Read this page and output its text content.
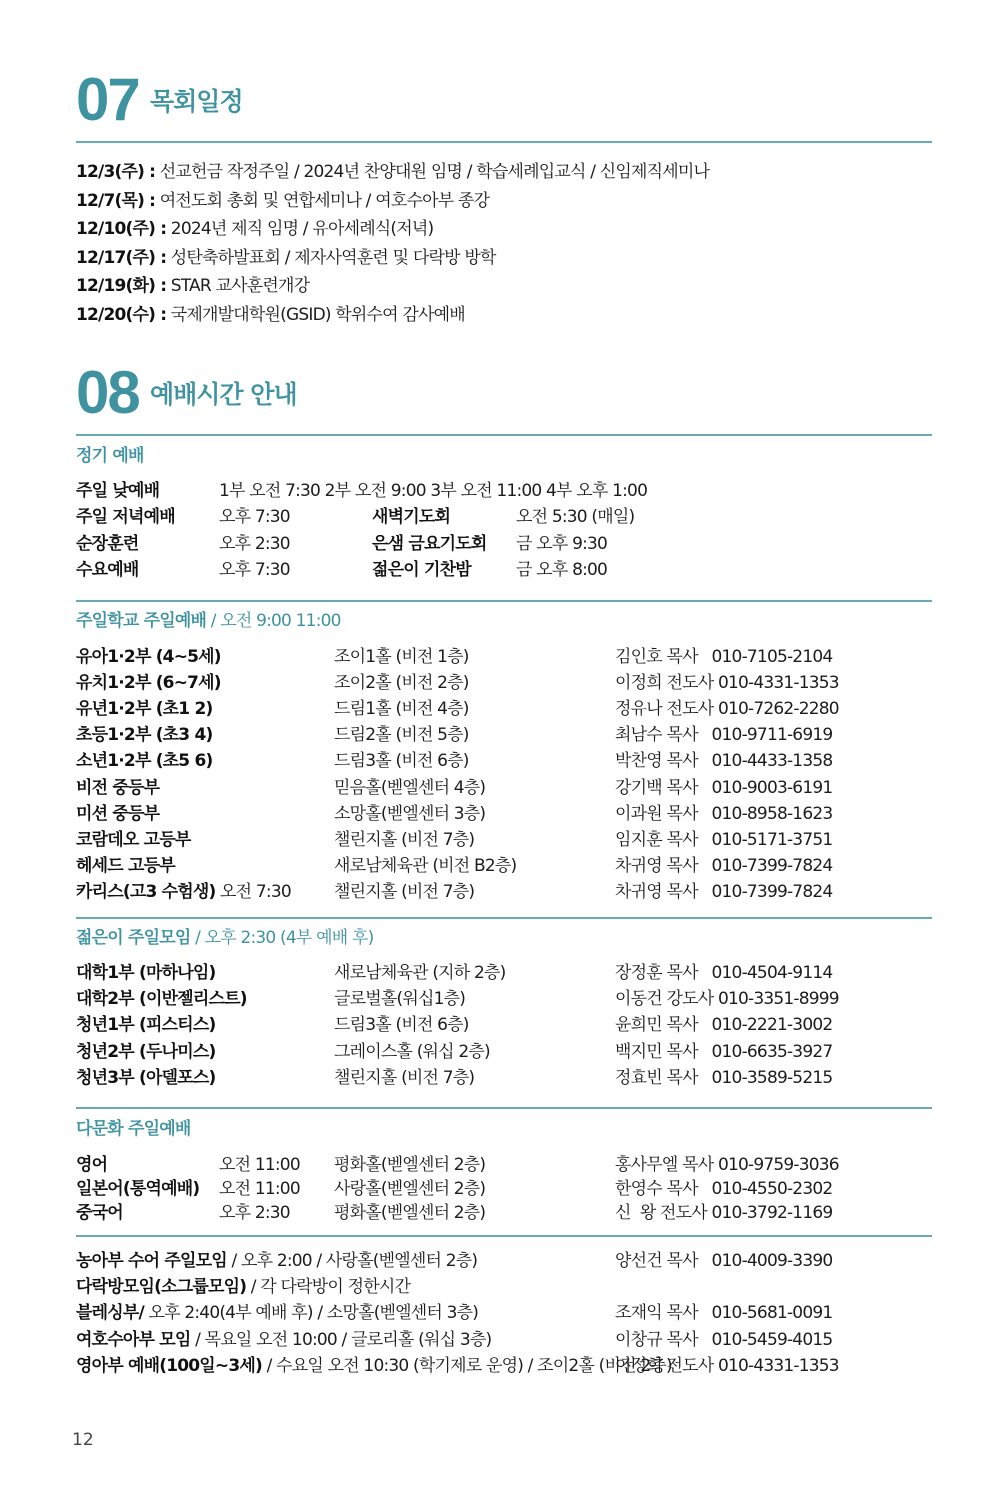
07 목회일정
12/3(주) : 선교헌금 작정주일 / 2024년 찬양대원 임명 / 학습세례입교식 / 신임제직세미나
12/7(목) : 여전도회 총회 및 연합세미나 / 여호수아부 종강
12/10(주) : 2024년 제직 임명 / 유아세례식(저녁)
12/17(주) : 성탄축하발표회 / 제자사역훈련 및 다락방 방학
12/19(화) : STAR 교사훈련개강
12/20(수) : 국제개발대학원(GSID) 학위수여 감사예배
08 예배시간 안내
정기 예배
주일 낮예배	1부 오전 7:30 2부 오전 9:00 3부 오전 11:00 4부 오후 1:00
주일 저녁예배	오후 7:30	새벽기도회	오전 5:30 (매일)
순장훈련	오후 2:30	은샘 금요기도회 금 오후 9:30
수요예배	오후 7:30	젊은이 기찬밤	금 오후 8:00
주일학교 주일예배 / 오전 9:00 11:00
유아1·2부 (4~5세)	조이1홀 (비전 1층)	김인호 목사   010-7105-2104
유치1·2부 (6~7세)	조이2홀 (비전 2층)	이정희 전도사 010-4331-1353
유년1·2부 (초1 2)	드림1홀 (비전 4층)	정유나 전도사 010-7262-2280
초등1·2부 (초3 4)	드림2홀 (비전 5층)	최남수 목사   010-9711-6919
소년1·2부 (초5 6)	드림3홀 (비전 6층)	박찬영 목사   010-4433-1358
비전 중등부	믿음홀(벧엘센터 4층)	강기백 목사   010-9003-6191
미션 중등부	소망홀(벧엘센터 3층)	이과원 목사   010-8958-1623
코람데오 고등부	챌린지홀 (비전 7층)	임지훈 목사   010-5171-3751
헤세드 고등부	새로남체육관 (비전 B2층)	차귀영 목사   010-7399-7824
카리스(고3 수험생) 오전 7:30	챌린지홀 (비전 7층)	차귀영 목사   010-7399-7824
젊은이 주일모임 / 오후 2:30 (4부 예배 후)
대학1부 (마하나임)	새로남체육관 (지하 2층)	장정훈 목사   010-4504-9114
대학2부 (이반젤리스트)	글로벌홀(워십1층)	이동건 강도사 010-3351-8999
청년1부 (피스티스)	드림3홀 (비전 6층)	윤희민 목사   010-2221-3002
청년2부 (두나미스)	그레이스홀 (워십 2층)	백지민 목사   010-6635-3927
청년3부 (아델포스)	챌린지홀 (비전 7층)	정효빈 목사   010-3589-5215
다문화 주일예배
영어	오전 11:00 평화홀(벧엘센터 2층)	홍사무엘 목사 010-9759-3036
일본어(통역예배) 오전 11:00 사랑홀(벧엘센터 2층)	한영수 목사   010-4550-2302
중국어	오후 2:30	평화홀(벧엘센터 2층)	신  왕 전도사 010-3792-1169
농아부 수어 주일모임 / 오후 2:00 / 사랑홀(벧엘센터 2층)	양선건 목사   010-4009-3390
다락방모임(소그룹모임) / 각 다락방이 정한시간
블레싱부/ 오후 2:40(4부 예배 후) / 소망홀(벧엘센터 3층)	조재익 목사   010-5681-0091
여호수아부 모임 / 목요일 오전 10:00 / 글로리홀 (워십 3층)	이창규 목사   010-5459-4015
영아부 예배(100일~3세) / 수요일 오전 10:30 (학기제로 운영) / 조이2홀 (비전 2층)
이정희 전도사 010-4331-1353
12
